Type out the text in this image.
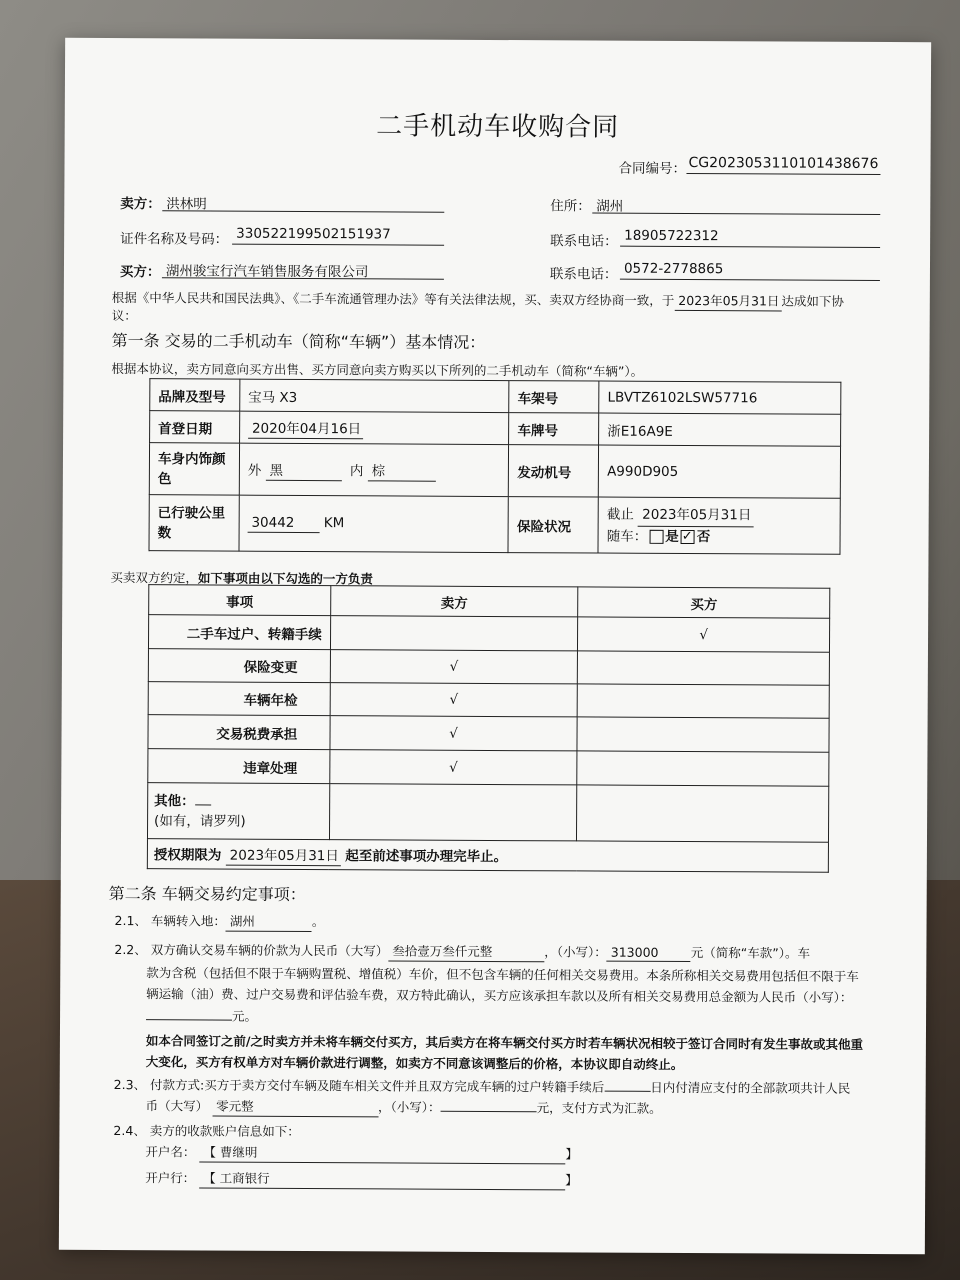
二手机动车收购合同
合同编号： CG2023053110101438676
卖方： 洪林明	住所： 湖州
证件名称及号码： 330522199502151937	联系电话： 18905722312
买方： 湖州骏宝行汽车销售服务有限公司	联系电话： 0572-2778865
根据《中华人民共和国民法典》、《二手车流通管理办法》等有关法律法规，买、卖双方经协商一致，于 2023年05月31日 达成如下协
议：
第一条 交易的二手机动车（简称“车辆”）基本情况：
根据本协议，卖方同意向买方出售、买方同意向卖方购买以下所列的二手机动车（简称“车辆”）。
品牌及型号	宝马 X3	车架号	LBVTZ6102LSW57716
首登日期	2020年04月16日	车牌号	浙E16A9E
车身内饰颜色	外 黑 内 棕	发动机号	A990D905
已行驶公里数	30442 KM	保险状况	截止 2023年05月31日
随车： 是 ✓ 否
买卖双方约定，如下事项由以下勾选的一方负责
事项	卖方	买方
二手车过户、转籍手续		√
保险变更	√	
车辆年检	√	
交易税费承担	√	
违章处理	√	

其他：
(如有，请罗列)		

授权期限为 2023年05月31日 起至前述事项办理完毕止。		
第二条 车辆交易约定事项：
2.1、 车辆转入地： 湖州	。
2.2、 双方确认交易车辆的价款为人民币（大写） 叁拾壹万叁仟元整	，（小写）： 313000	元（简称“车款”）。车
款为含税（包括但不限于车辆购置税、增值税）车价，但不包含车辆的任何相关交易费用。本条所称相关交易费用包括但不限于车
辆运输（油）费、过户交易费和评估验车费，双方特此确认，买方应该承担车款以及所有相关交易费用总金额为人民币（小写）：
元。
如本合同签订之前/之时卖方并未将车辆交付买方，其后卖方在将车辆交付买方时若车辆状况相较于签订合同时有发生事故或其他重大变化，买方有权单方对车辆价款进行调整，如卖方不同意该调整后的价格，本协议即自动终止。
2.3、 付款方式:买方于卖方交付车辆及随车相关文件并且双方完成车辆的过户转籍手续后	日内付清应支付的全部款项共计人民
币（大写） 零元整	，（小写）：	元，支付方式为汇款。
2.4、 卖方的收款账户信息如下：
开户名： 【 曹继明	】
开户行： 【 工商银行	】
